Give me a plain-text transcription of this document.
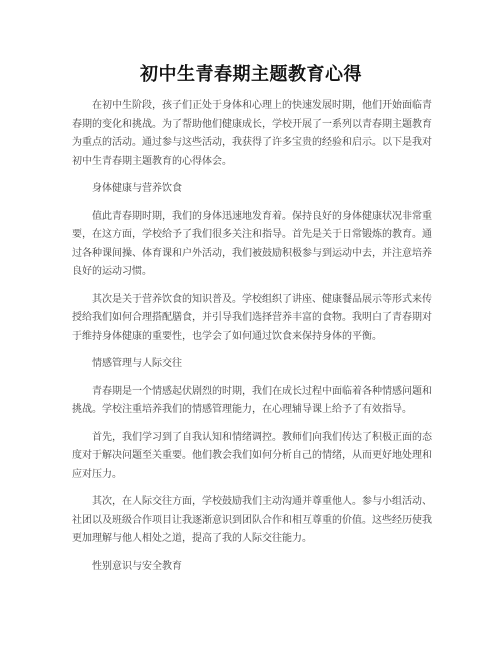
初中生青春期主题教育心得

在初中生阶段，孩子们正处于身体和心理上的快速发展时期，他们开始面临青春期的变化和挑战。为了帮助他们健康成长，学校开展了一系列以青春期主题教育为重点的活动。通过参与这些活动，我获得了许多宝贵的经验和启示。以下是我对初中生青春期主题教育的心得体会。

身体健康与营养饮食

值此青春期时期，我们的身体迅速地发育着。保持良好的身体健康状况非常重要，在这方面，学校给予了我们很多关注和指导。首先是关于日常锻炼的教育。通过各种课间操、体育课和户外活动，我们被鼓励积极参与到运动中去，并注意培养良好的运动习惯。

其次是关于营养饮食的知识普及。学校组织了讲座、健康餐品展示等形式来传授给我们如何合理搭配膳食，并引导我们选择营养丰富的食物。我明白了青春期对于维持身体健康的重要性，也学会了如何通过饮食来保持身体的平衡。

情感管理与人际交往

青春期是一个情感起伏剧烈的时期，我们在成长过程中面临着各种情感问题和挑战。学校注重培养我们的情感管理能力，在心理辅导课上给予了有效指导。

首先，我们学习到了自我认知和情绪调控。教师们向我们传达了积极正面的态度对于解决问题至关重要。他们教会我们如何分析自己的情绪，从而更好地处理和应对压力。

其次，在人际交往方面，学校鼓励我们主动沟通并尊重他人。参与小组活动、社团以及班级合作项目让我逐渐意识到团队合作和相互尊重的价值。这些经历使我更加理解与他人相处之道，提高了我的人际交往能力。

性别意识与安全教育
